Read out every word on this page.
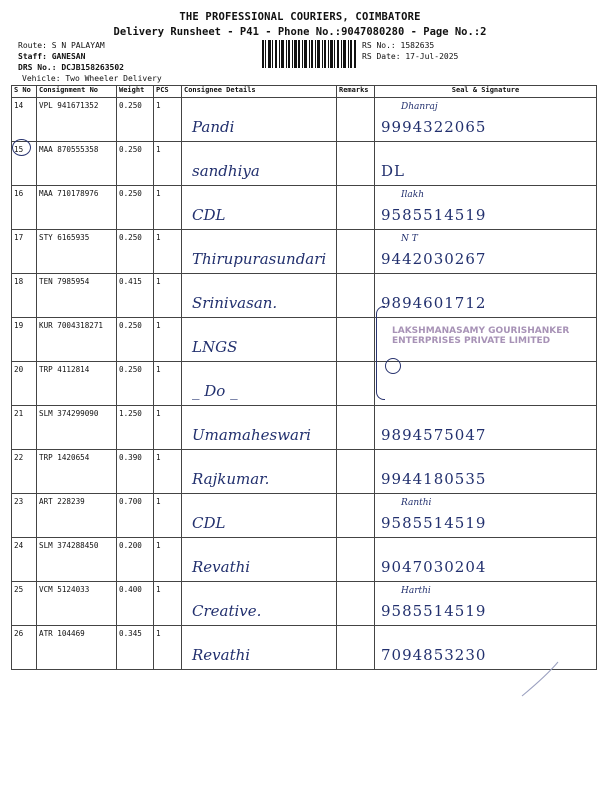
THE PROFESSIONAL COURIERS, COIMBATORE
Delivery Runsheet - P41 - Phone No.:9047080280 - Page No.:2
Route: S N PALAYAM
Staff: GANESAN
DRS No.: DCJB158263502
Vehicle: Two Wheeler Delivery
RS No.: 1582635
RS Date: 17-Jul-2025
S No	Consignment No	Weight	PCS	Consignee Details	Remarks	Seal & Signature
14	VPL 941671352	0.250	1	Pandi		Dhanraj
9994322065

15	MAA 870555358	0.250	1	sandhiya		DL

16	MAA 710178976	0.250	1	CDL		Ilakh
9585514519

17	STY 6165935	0.250	1	Thirupurasundari		N T
9442030267

18	TEN 7985954	0.415	1	Srinivasan.		9894601712

19	KUR 7004318271	0.250	1	LNGS		

20	TRP 4112814	0.250	1	_ Do _		

21	SLM 374299090	1.250	1	Umamaheswari		9894575047

22	TRP 1420654	0.390	1	Rajkumar.		9944180535

23	ART 228239	0.700	1	CDL		Ranthi
9585514519

24	SLM 374288450	0.200	1	Revathi		9047030204

25	VCM 5124033	0.400	1	Creative.		Harthi
9585514519

26	ATR 104469	0.345	1	Revathi		7094853230
LAKSHMANASAMY GOURISHANKER
ENTERPRISES PRIVATE LIMITED
